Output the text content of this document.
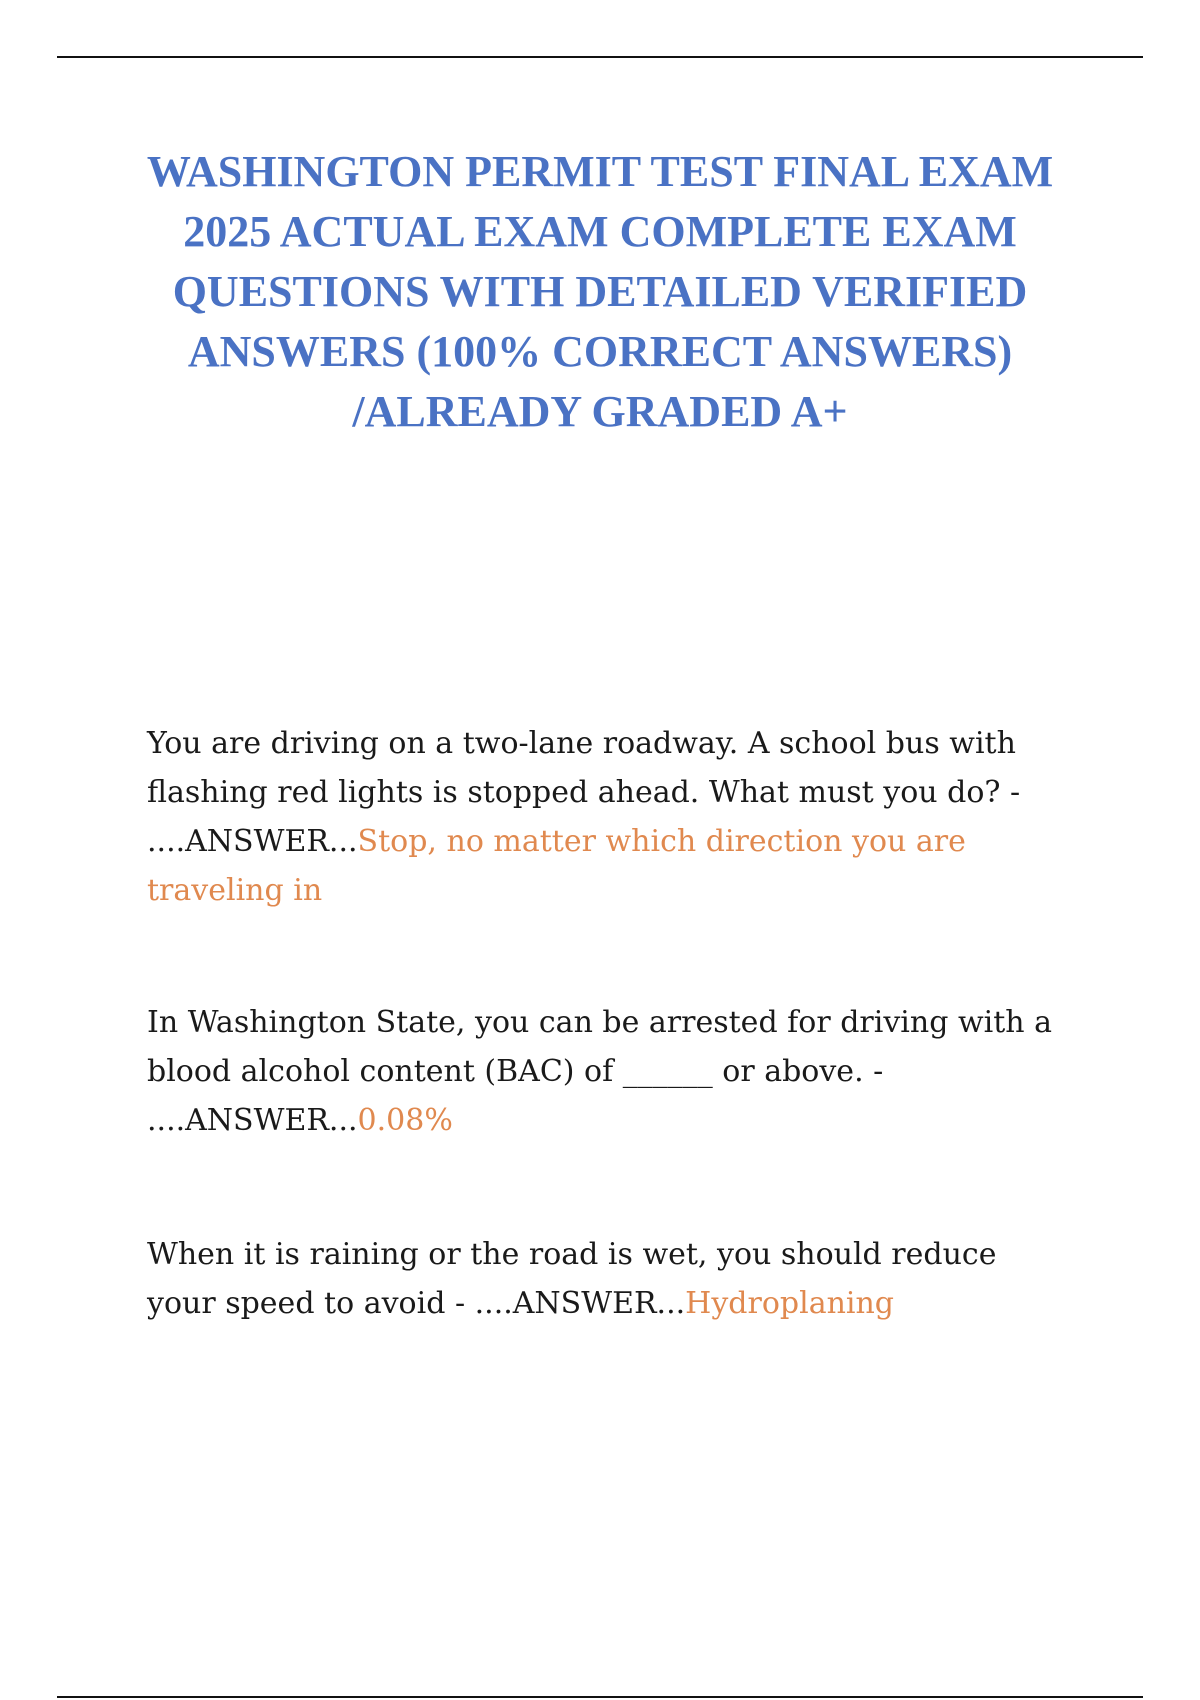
WASHINGTON PERMIT TEST FINAL EXAM 2025 ACTUAL EXAM COMPLETE EXAM QUESTIONS WITH DETAILED VERIFIED ANSWERS (100% CORRECT ANSWERS) /ALREADY GRADED A+

You are driving on a two-lane roadway. A school bus with flashing red lights is stopped ahead. What must you do? - ....ANSWER...Stop, no matter which direction you are traveling in

In Washington State, you can be arrested for driving with a blood alcohol content (BAC) of ______ or above. - ....ANSWER...0.08%

When it is raining or the road is wet, you should reduce your speed to avoid - ....ANSWER...Hydroplaning
